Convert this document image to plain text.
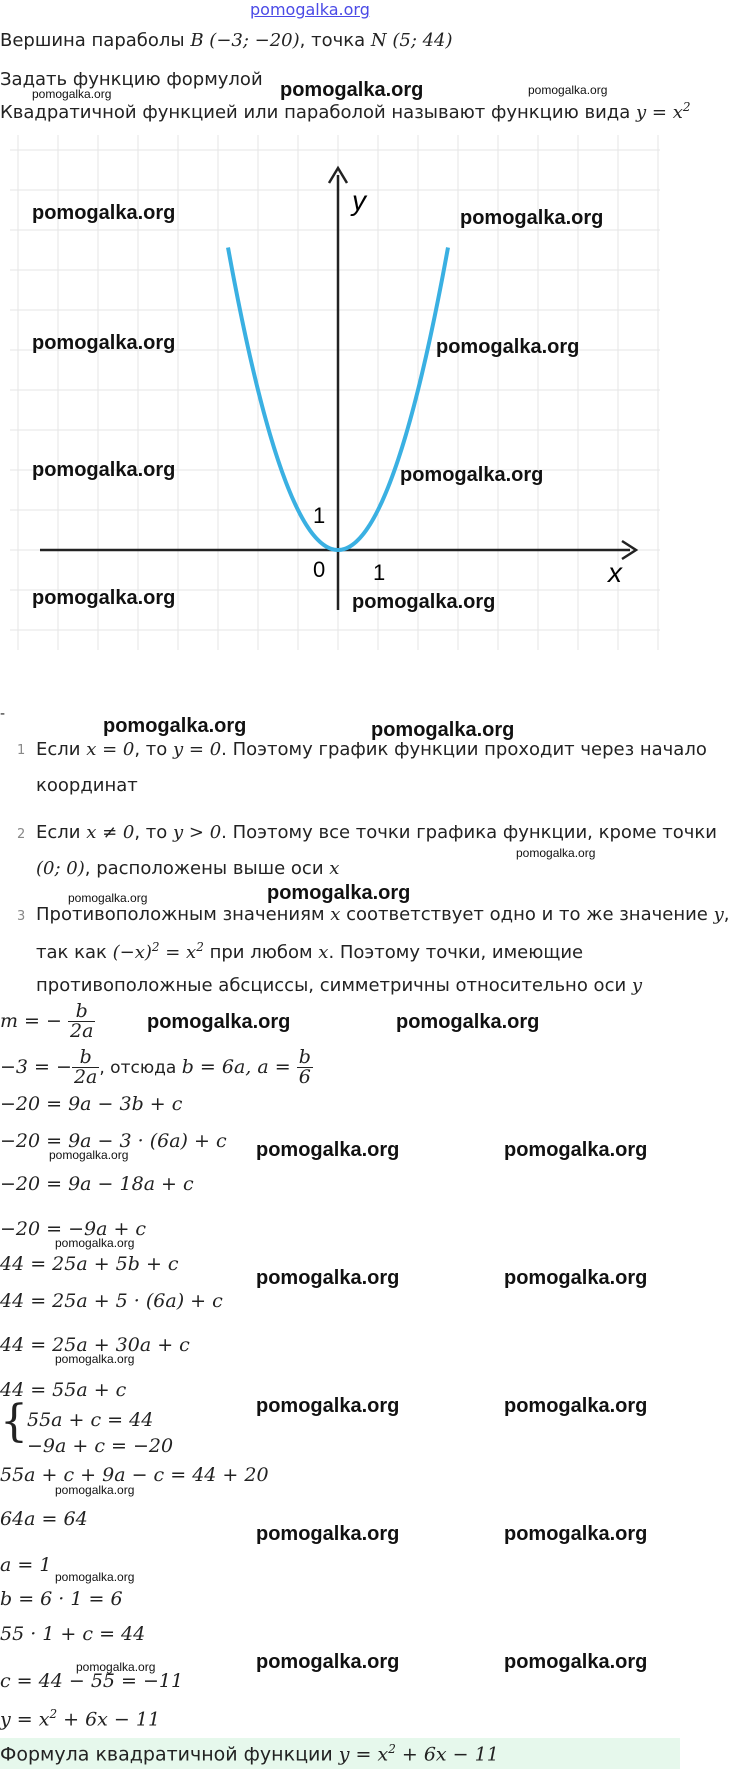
pomogalka.org
Вершина параболы B (−3; −20), точка N (5; 44)
Задать функцию формулой
Квадратичной функцией или параболой называют функцию вида $y = x^2$
y
x
0 1
1
-
1 Если x = 0, то y = 0. Поэтому график функции проходит через начало
координат
2 Если x ≠ 0, то y > 0. Поэтому все точки графика функции, кроме точки
(0; 0), расположены выше оси x
3 Противоположным значениям x соответствует одно и то же значение y,
так как $(-x)^2 = x^2$ при любом x. Поэтому точки, имеющие
противоположные абсциссы, симметричны относительно оси y
m = − $\frac{b}{2a}$
−3 = − $\frac{b}{2a}$ , отсюда b = 6a, $a = \frac{b}{6}$
−20 = 9a − 3b + c
−20 = 9a − 3 · (6a) + c
−20 = 9a − 18a + c
−20 = −9a + c
44 = 25a + 5b + c
44 = 25a + 5 · (6a) + c
44 = 25a + 30a + c
44 = 55a + c
{ 55a + c = 44
−9a + c = −20
55a + c + 9a − c = 44 + 20
64a = 64
a = 1
b = 6 · 1 = 6
55 · 1 + c = 44
c = 44 − 55 = −11
$y = x^2 + 6x - 11$
Формула квадратичной функции $y = x^2 + 6x - 11$
pomogalka.org
pomogalka.org	pomogalka.org
pomogalka.org	pomogalka.org
pomogalka.org	pomogalka.org
pomogalka.org	pomogalka.org
pomogalka.org	pomogalka.org
pomogalka.org
pomogalka.org	pomogalka.org
pomogalka.org	pomogalka.org
pomogalka.org	pomogalka.org
pomogalka.org	pomogalka.org
pomogalka.org	pomogalka.org
pomogalka.org	pomogalka.org
pomogalka.org	pomogalka.org
pomogalka.org
pomogalka.org
pomogalka.org
pomogalka.org
pomogalka.org
pomogalka.org
pomogalka.org
pomogalka.org
